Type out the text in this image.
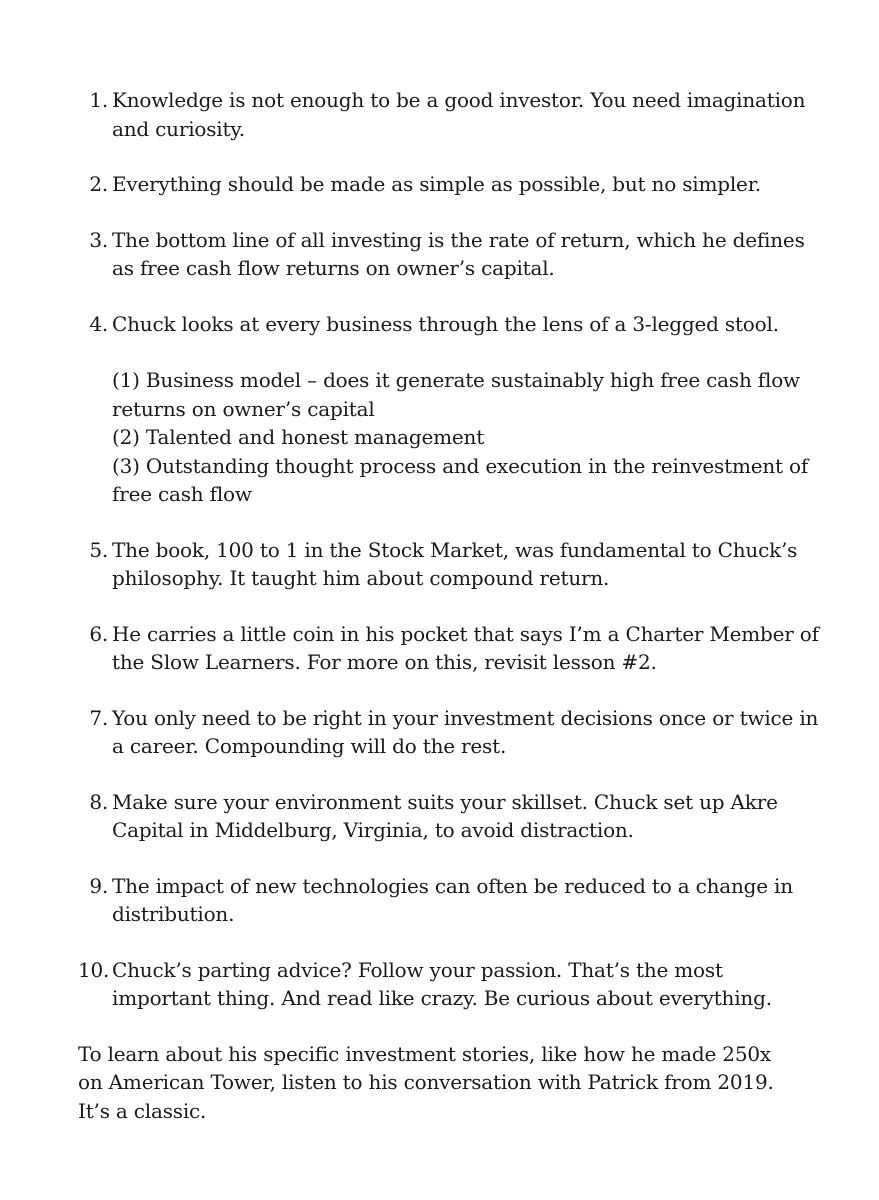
1. Knowledge is not enough to be a good investor. You need imagination and curiosity.
2. Everything should be made as simple as possible, but no simpler.
3. The bottom line of all investing is the rate of return, which he defines as free cash flow returns on owner’s capital.
4. Chuck looks at every business through the lens of a 3-legged stool.
(1) Business model – does it generate sustainably high free cash flow returns on owner’s capital
(2) Talented and honest management
(3) Outstanding thought process and execution in the reinvestment of free cash flow
5. The book, 100 to 1 in the Stock Market, was fundamental to Chuck’s philosophy. It taught him about compound return.
6. He carries a little coin in his pocket that says I’m a Charter Member of the Slow Learners. For more on this, revisit lesson #2.
7. You only need to be right in your investment decisions once or twice in a career. Compounding will do the rest.
8. Make sure your environment suits your skillset. Chuck set up Akre Capital in Middelburg, Virginia, to avoid distraction.
9. The impact of new technologies can often be reduced to a change in distribution.
10. Chuck’s parting advice? Follow your passion. That’s the most important thing. And read like crazy. Be curious about everything.

To learn about his specific investment stories, like how he made 250x on American Tower, listen to his conversation with Patrick from 2019. It’s a classic.
